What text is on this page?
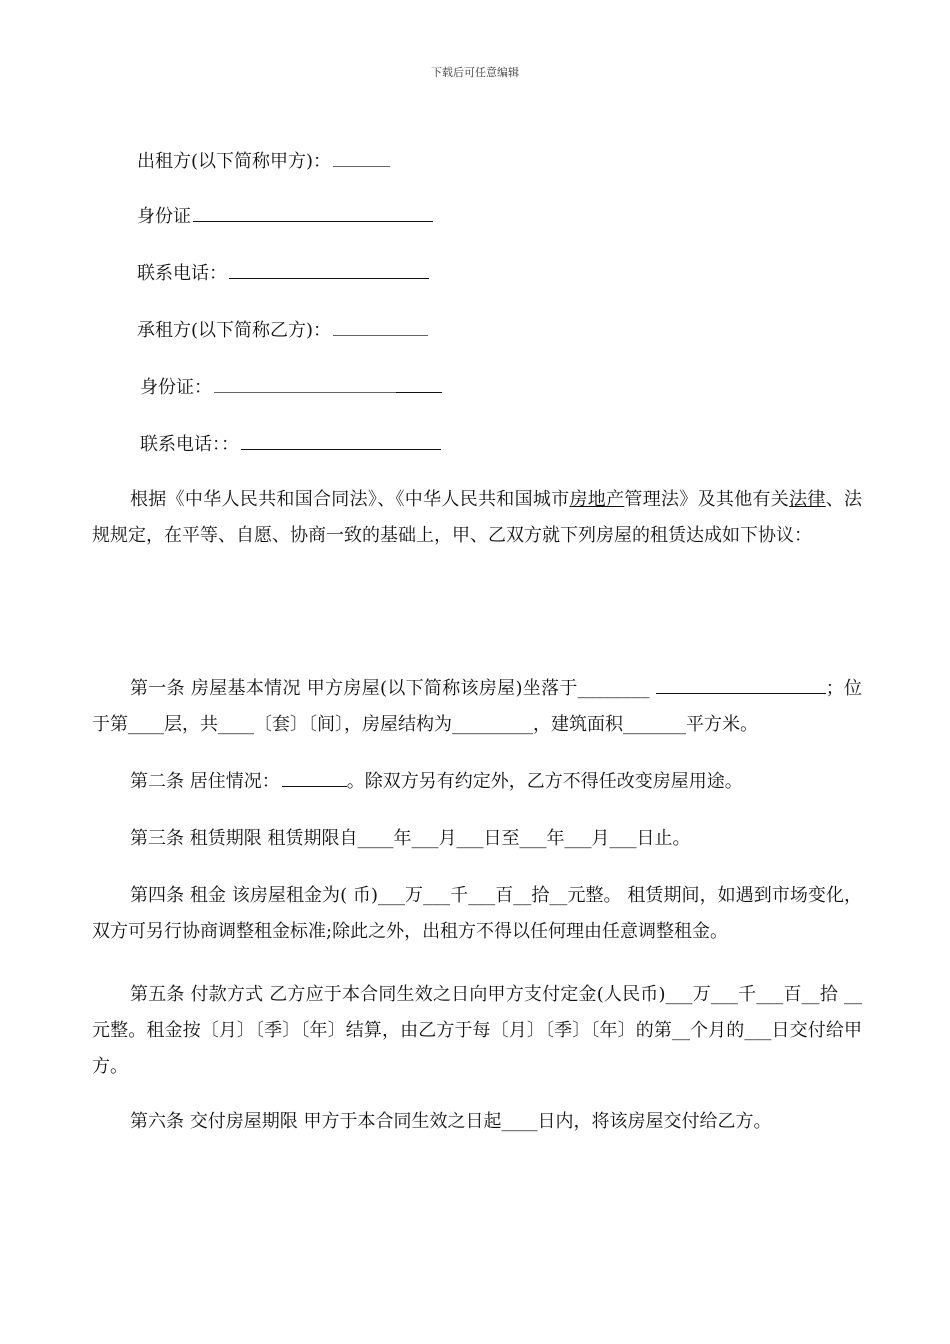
下载后可任意编辑
出租方(以下简称甲方)：
身份证
联系电话：
承租方(以下简称乙方)：
身份证：
联系电话：：

根据《中华人民共和国合同法》、《中华人民共和国城市房地产管理法》及其他有关法律、法规规定，在平等、自愿、协商一致的基础上，甲、乙双方就下列房屋的租赁达成如下协议：

第一条 房屋基本情况 甲方房屋(以下简称该房屋)坐落于________	；位于第____层，共____〔套〕〔间〕，房屋结构为_________，建筑面积_______平方米。

第二条 居住情况：	。除双方另有约定外，乙方不得任改变房屋用途。
第三条 租赁期限 租赁期限自____年___月___日至___年___月___日止。

第四条 租金 该房屋租金为( 币)___万___千___百__拾__元整。 租赁期间，如遇到市场变化，双方可另行协商调整租金标准;除此之外，出租方不得以任何理由任意调整租金。

第五条 付款方式 乙方应于本合同生效之日向甲方支付定金(人民币)___万___千___百__拾 __元整。租金按〔月〕〔季〕〔年〕结算，由乙方于每〔月〕〔季〕〔年〕的第__个月的___日交付给甲方。

第六条 交付房屋期限 甲方于本合同生效之日起____日内，将该房屋交付给乙方。
